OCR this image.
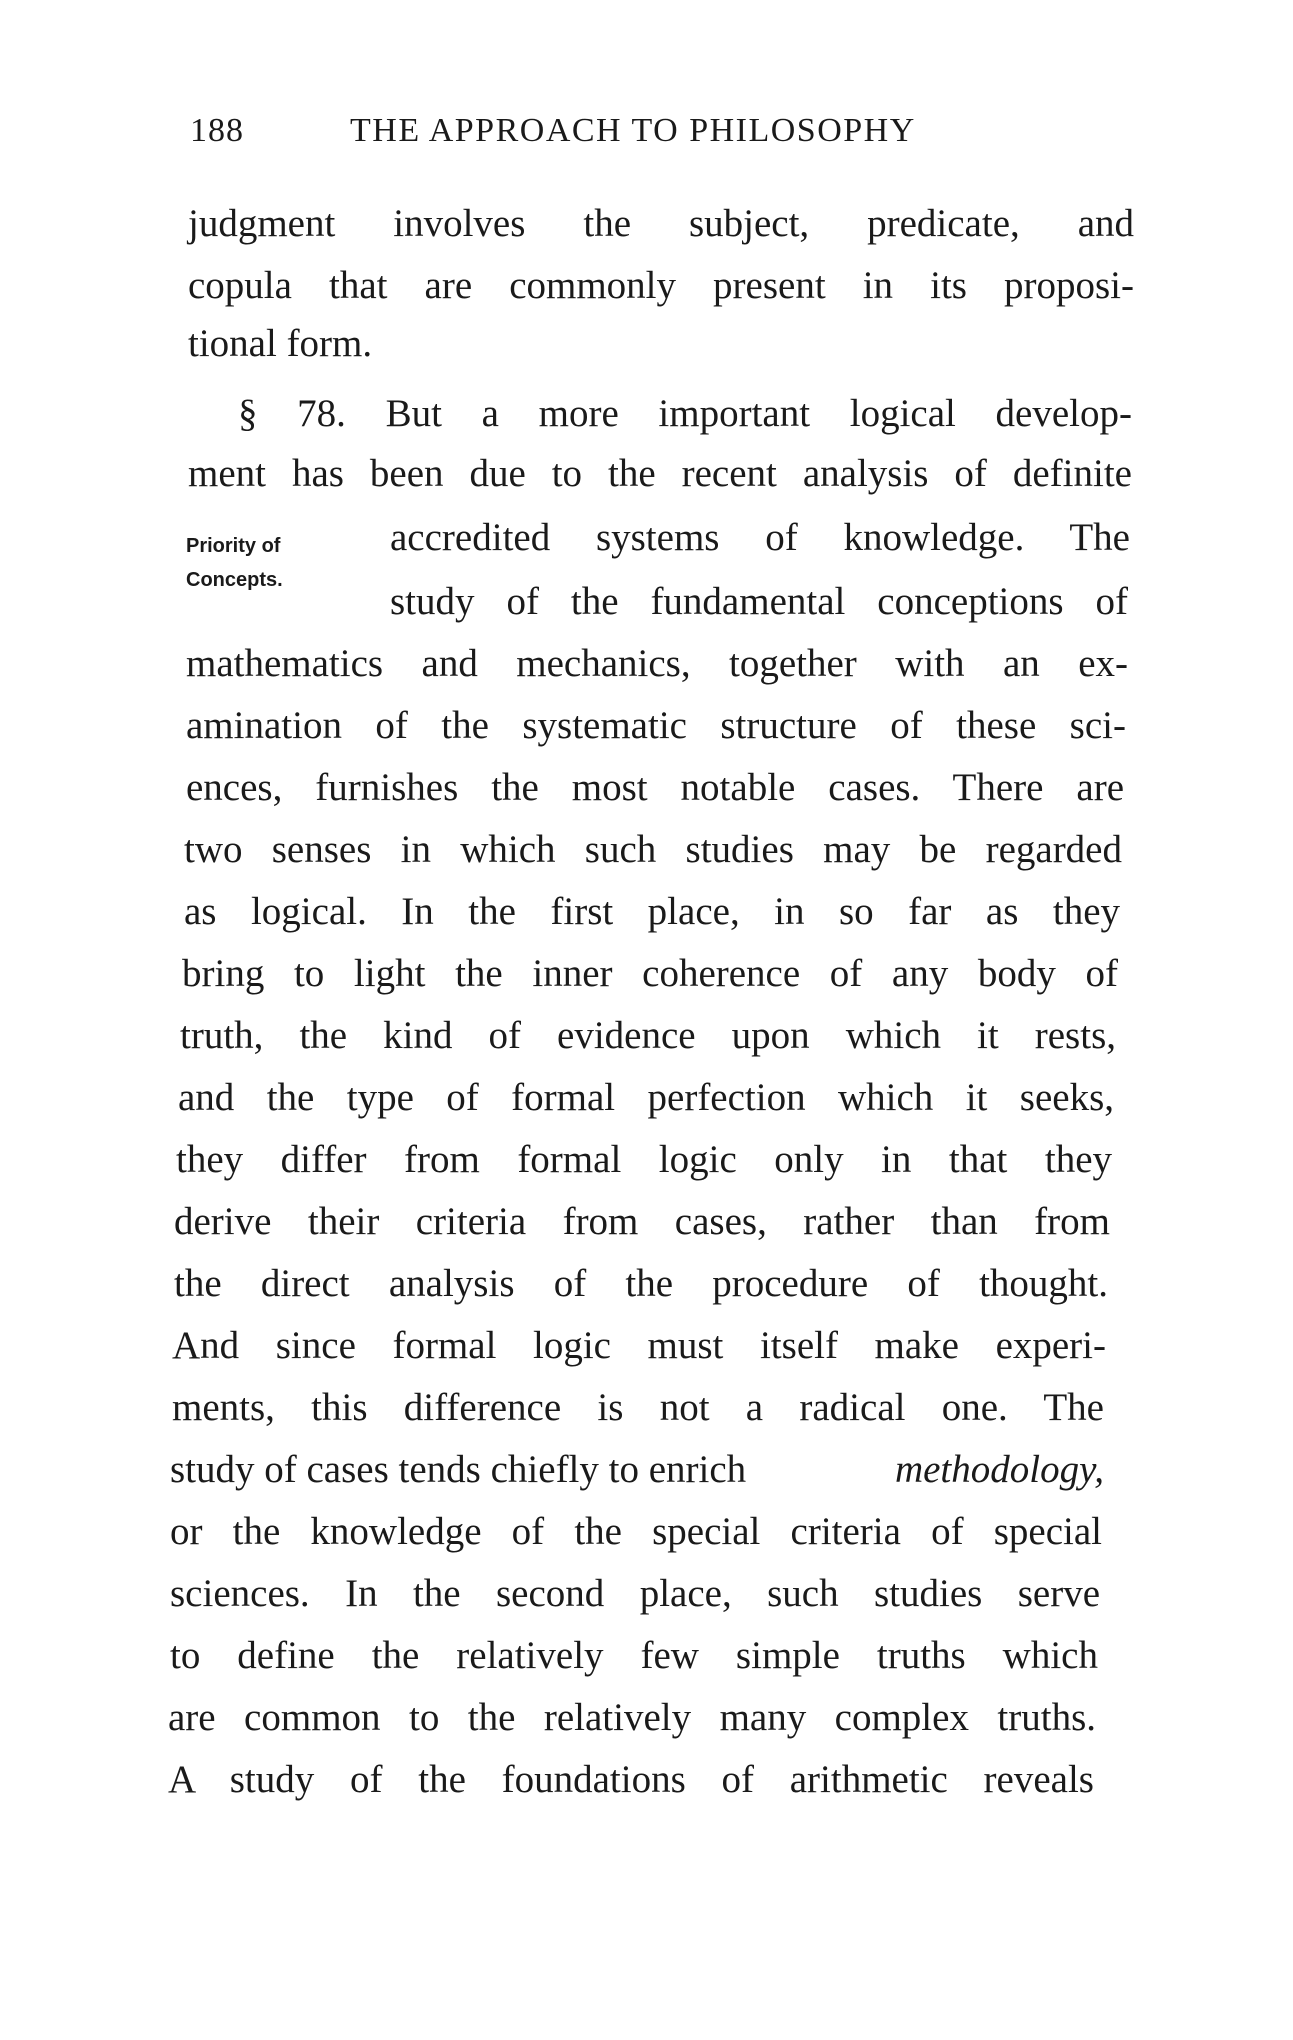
188	THE APPROACH TO PHILOSOPHY
judgment involves the subject, predicate, and
copula that are commonly present in its proposi-
tional form.
§ 78. But a more important logical develop-
ment has been due to the recent analysis of definite
Priority of
Concepts.
accredited systems of knowledge. The
study of the fundamental conceptions of
mathematics and mechanics, together with an ex-
amination of the systematic structure of these sci-
ences, furnishes the most notable cases. There are
two senses in which such studies may be regarded
as logical. In the first place, in so far as they
bring to light the inner coherence of any body of
truth, the kind of evidence upon which it rests,
and the type of formal perfection which it seeks,
they differ from formal logic only in that they
derive their criteria from cases, rather than from
the direct analysis of the procedure of thought.
And since formal logic must itself make experi-
ments, this difference is not a radical one. The
study of cases tends chiefly to enrich	methodology,
or the knowledge of the special criteria of special
sciences. In the second place, such studies serve
to define the relatively few simple truths which
are common to the relatively many complex truths.
A study of the foundations of arithmetic reveals
